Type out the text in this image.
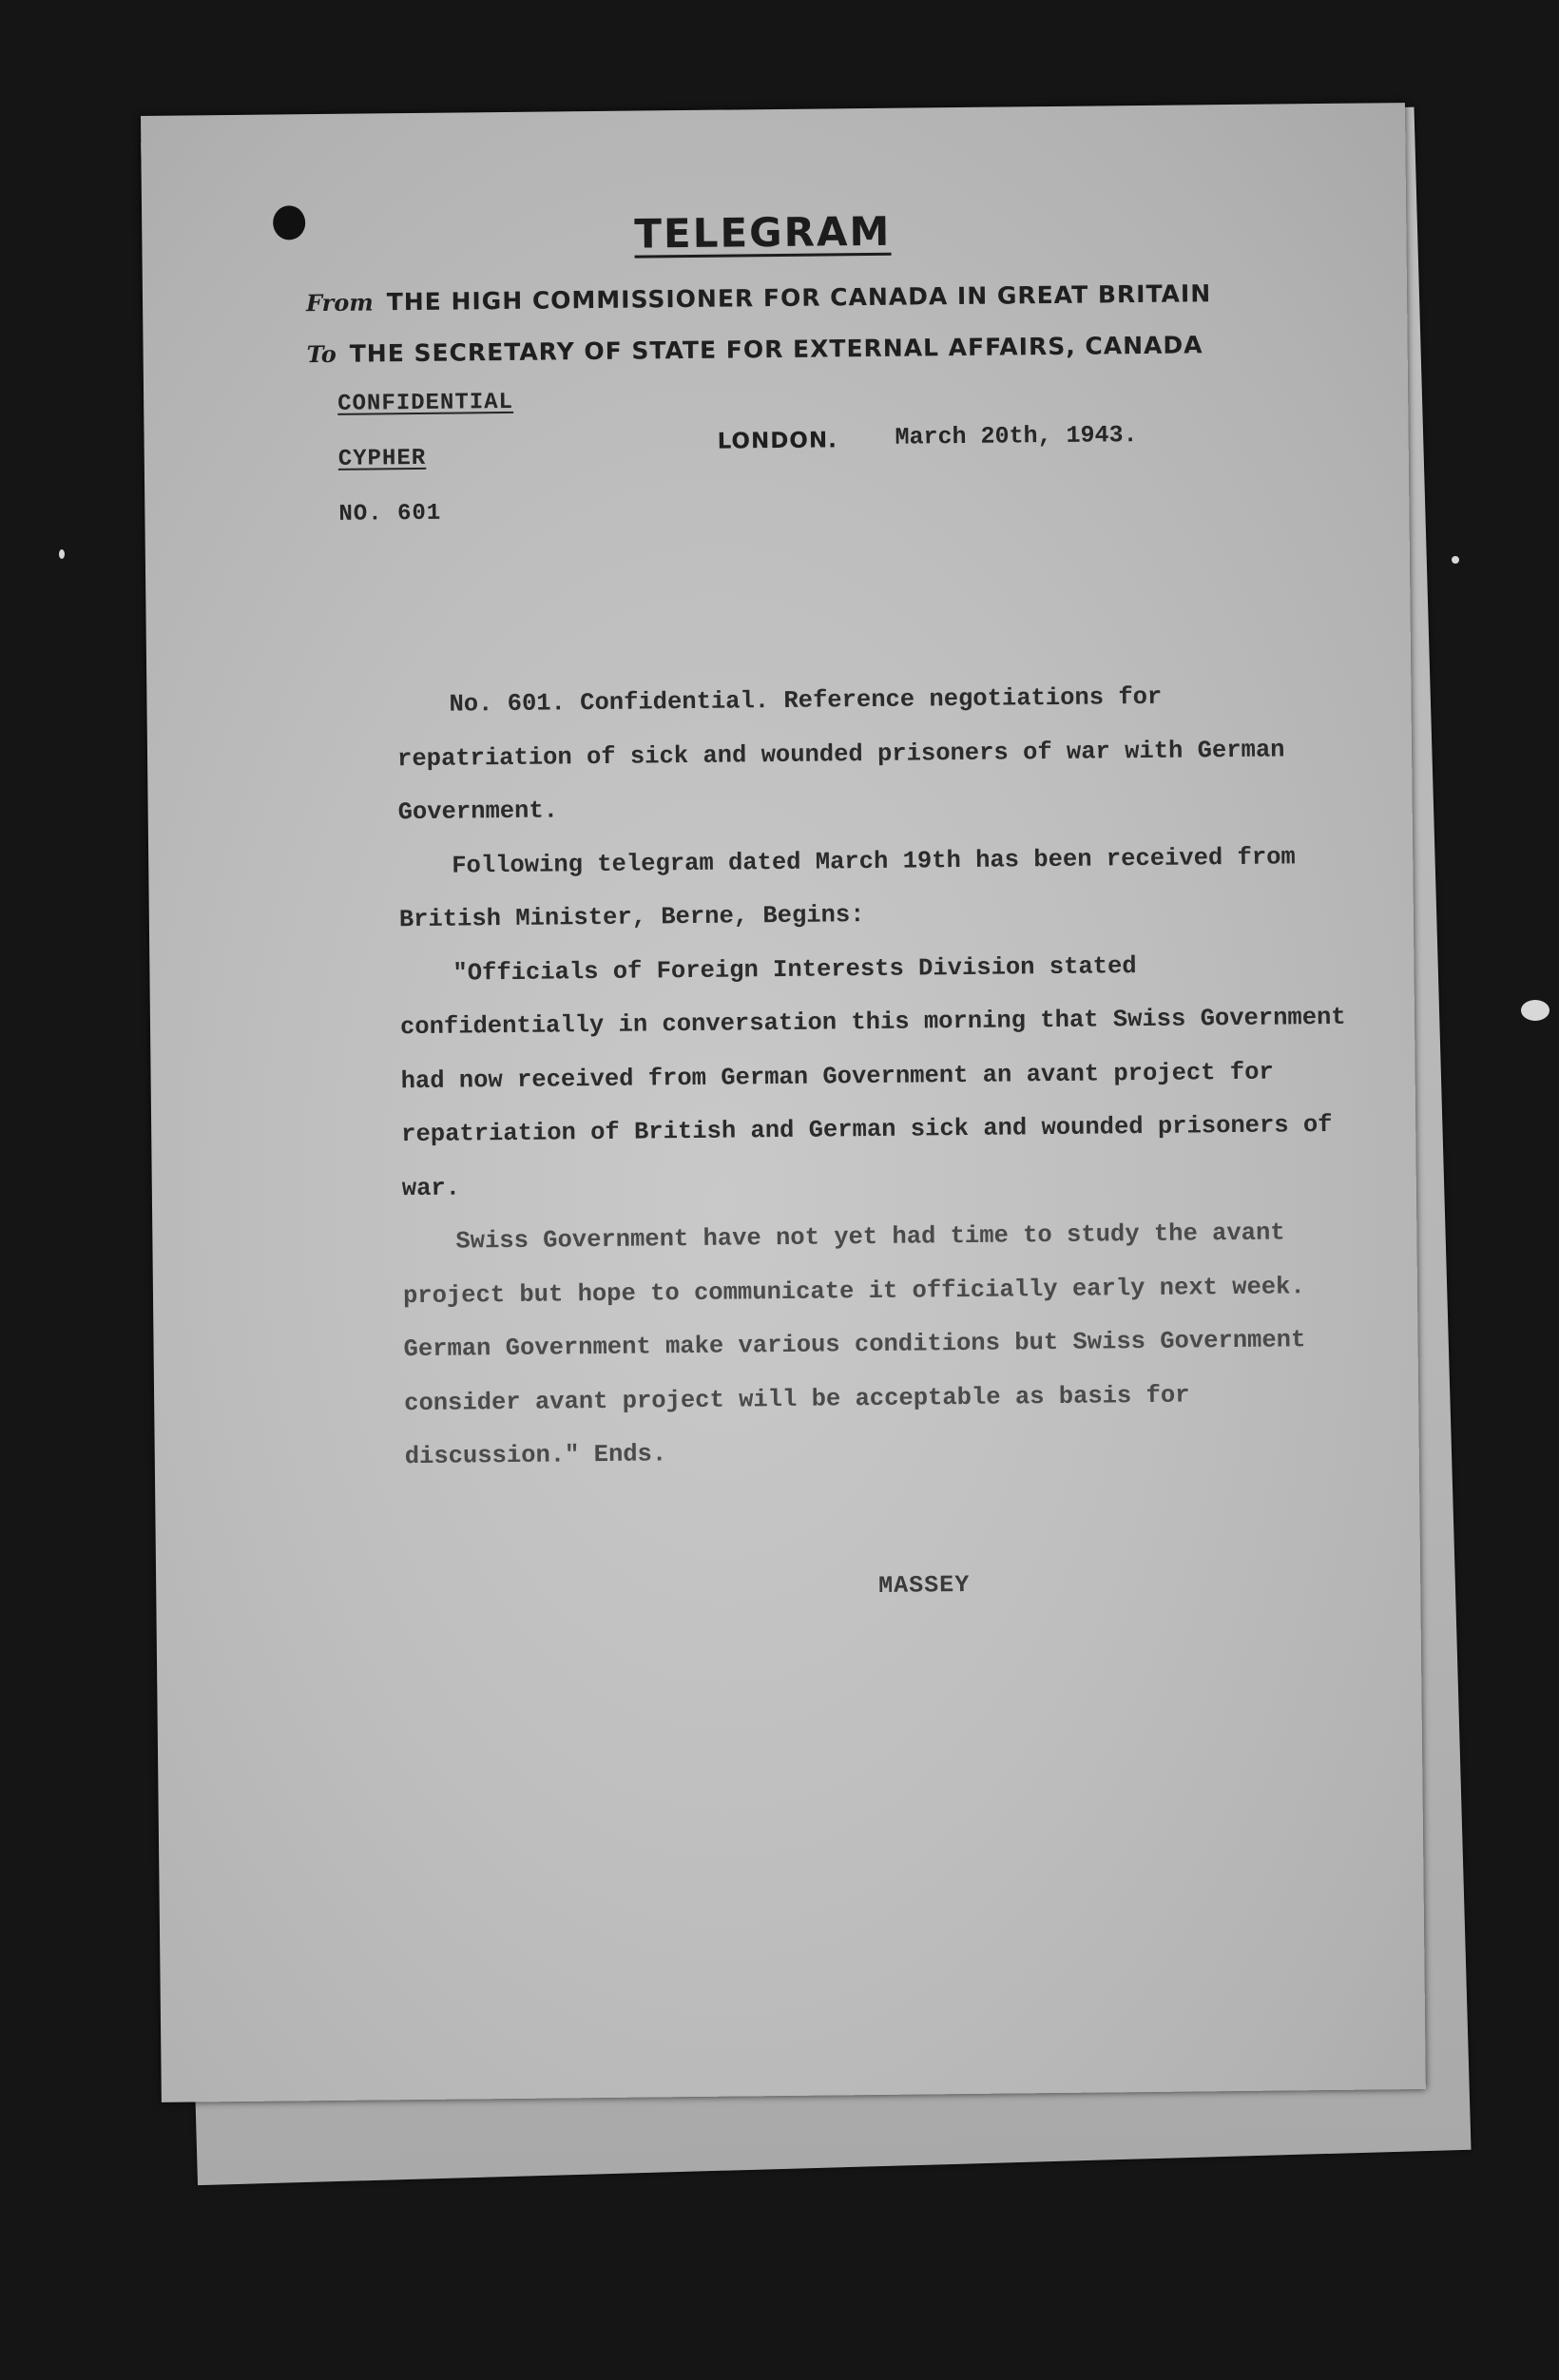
TELEGRAM
From THE HIGH COMMISSIONER FOR CANADA IN GREAT BRITAIN
To THE SECRETARY OF STATE FOR EXTERNAL AFFAIRS, CANADA
CONFIDENTIAL
CYPHER
NO. 601
LONDON. March 20th, 1943.

No. 601. Confidential. Reference negotiations for repatriation of sick and wounded prisoners of war with German Government.

Following telegram dated March 19th has been received from British Minister, Berne, Begins:

"Officials of Foreign Interests Division stated confidentially in conversation this morning that Swiss Government had now received from German Government an avant project for repatriation of British and German sick and wounded prisoners of war.

Swiss Government have not yet had time to study the avant project but hope to communicate it officially early next week. German Government make various conditions but Swiss Government consider avant project will be acceptable as basis for discussion." Ends.

MASSEY
